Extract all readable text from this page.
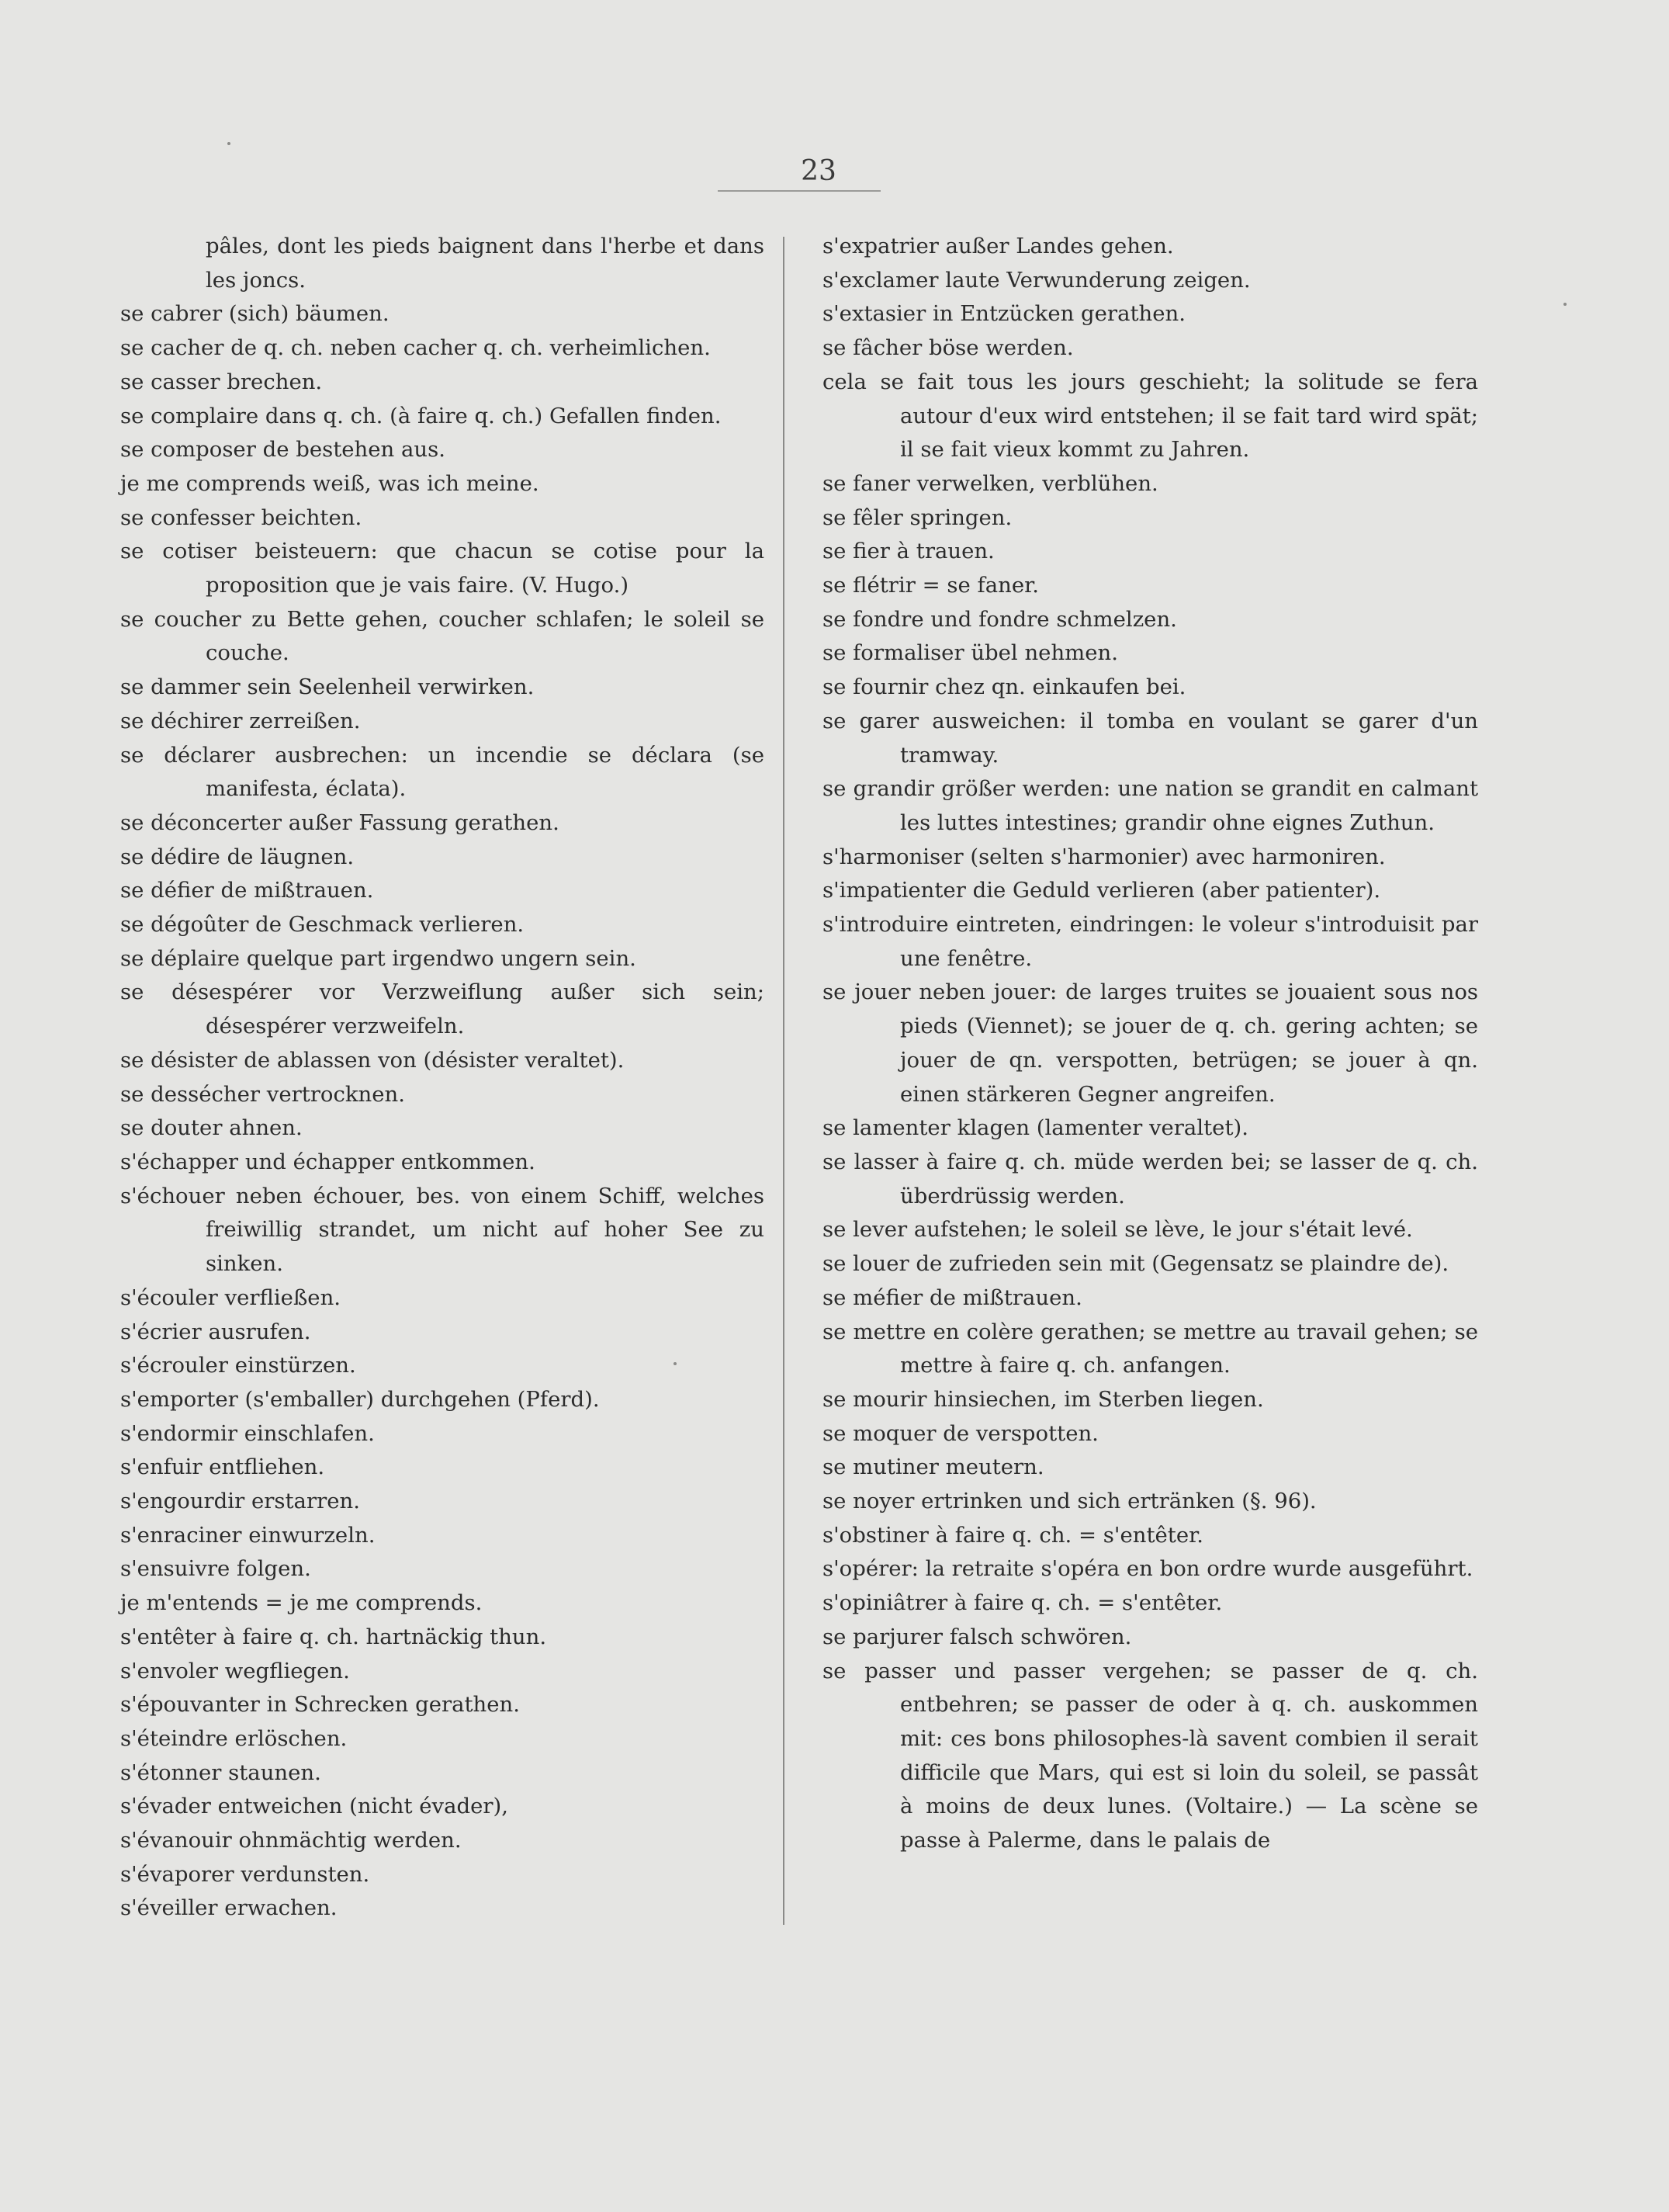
23
pâles, dont les pieds baignent dans l'herbe et dans les joncs.
se cabrer (sich) bäumen.
se cacher de q. ch. neben cacher q. ch. verheimlichen.
se casser brechen.
se complaire dans q. ch. (à faire q. ch.) Gefallen finden.
se composer de bestehen aus.
je me comprends weiß, was ich meine.
se confesser beichten.
se cotiser beisteuern: que chacun se cotise pour la proposition que je vais faire. (V. Hugo.)
se coucher zu Bette gehen, coucher schlafen; le soleil se couche.
se dammer sein Seelenheil verwirken.
se déchirer zerreißen.
se déclarer ausbrechen: un incendie se déclara (se manifesta, éclata).
se déconcerter außer Fassung gerathen.
se dédire de läugnen.
se défier de mißtrauen.
se dégoûter de Geschmack verlieren.
se déplaire quelque part irgendwo ungern sein.
se désespérer vor Verzweiflung außer sich sein; désespérer verzweifeln.
se désister de ablassen von (désister veraltet).
se dessécher vertrocknen.
se douter ahnen.
s'échapper und échapper entkommen.
s'échouer neben échouer, bes. von einem Schiff, welches freiwillig strandet, um nicht auf hoher See zu sinken.
s'écouler verfließen.
s'écrier ausrufen.
s'écrouler einstürzen.
s'emporter (s'emballer) durchgehen (Pferd).
s'endormir einschlafen.
s'enfuir entfliehen.
s'engourdir erstarren.
s'enraciner einwurzeln.
s'ensuivre folgen.
je m'entends = je me comprends.
s'entêter à faire q. ch. hartnäckig thun.
s'envoler wegfliegen.
s'épouvanter in Schrecken gerathen.
s'éteindre erlöschen.
s'étonner staunen.
s'évader entweichen (nicht évader),
s'évanouir ohnmächtig werden.
s'évaporer verdunsten.
s'éveiller erwachen.
s'expatrier außer Landes gehen.
s'exclamer laute Verwunderung zeigen.
s'extasier in Entzücken gerathen.
se fâcher böse werden.
cela se fait tous les jours geschieht; la solitude se fera autour d'eux wird entstehen; il se fait tard wird spät; il se fait vieux kommt zu Jahren.
se faner verwelken, verblühen.
se fêler springen.
se fier à trauen.
se flétrir = se faner.
se fondre und fondre schmelzen.
se formaliser übel nehmen.
se fournir chez qn. einkaufen bei.
se garer ausweichen: il tomba en voulant se garer d'un tramway.
se grandir größer werden: une nation se grandit en calmant les luttes intestines; grandir ohne eignes Zuthun.
s'harmoniser (selten s'harmonier) avec harmoniren.
s'impatienter die Geduld verlieren (aber patienter).
s'introduire eintreten, eindringen: le voleur s'introduisit par une fenêtre.
se jouer neben jouer: de larges truites se jouaient sous nos pieds (Viennet); se jouer de q. ch. gering achten; se jouer de qn. verspotten, betrügen; se jouer à qn. einen stärkeren Gegner angreifen.
se lamenter klagen (lamenter veraltet).
se lasser à faire q. ch. müde werden bei; se lasser de q. ch. überdrüssig werden.
se lever aufstehen; le soleil se lève, le jour s'était levé.
se louer de zufrieden sein mit (Gegensatz se plaindre de).
se méfier de mißtrauen.
se mettre en colère gerathen; se mettre au travail gehen; se mettre à faire q. ch. anfangen.
se mourir hinsiechen, im Sterben liegen.
se moquer de verspotten.
se mutiner meutern.
se noyer ertrinken und sich ertränken (§. 96).
s'obstiner à faire q. ch. = s'entêter.
s'opérer: la retraite s'opéra en bon ordre wurde ausgeführt.
s'opiniâtrer à faire q. ch. = s'entêter.
se parjurer falsch schwören.
se passer und passer vergehen; se passer de q. ch. entbehren; se passer de oder à q. ch. auskommen mit: ces bons philosophes-là savent combien il serait difficile que Mars, qui est si loin du soleil, se passât à moins de deux lunes. (Voltaire.) — La scène se passe à Palerme, dans le palais de
